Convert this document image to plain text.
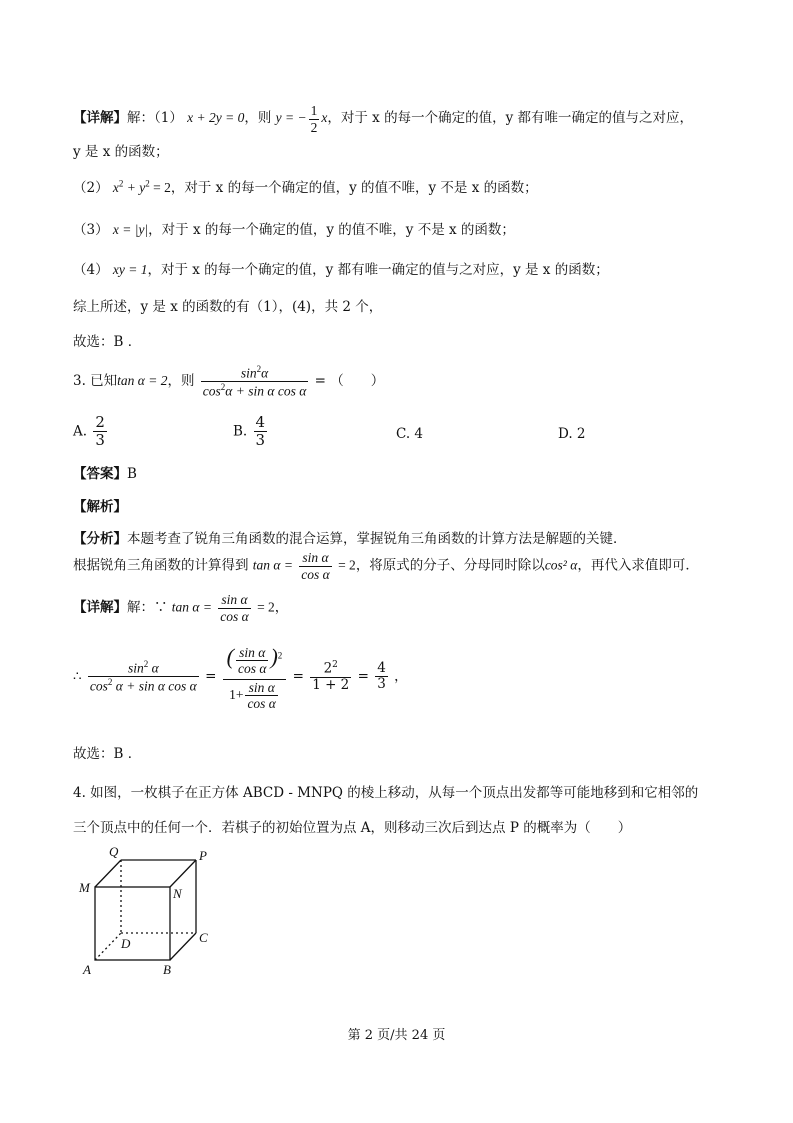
【详解】解：（1） x + 2y = 0，则 y = − $\frac{1}{2}$ x，对于 x 的每一个确定的值，y 都有唯一确定的值与之对应，
y 是 x 的函数；
（2） $x^2 + y^2 = 2$，对于 x 的每一个确定的值，y 的值不唯，y 不是 x 的函数；
（3） x = |y|，对于 x 的每一个确定的值，y 的值不唯，y 不是 x 的函数；
（4） xy = 1，对于 x 的每一个确定的值，y 都有唯一确定的值与之对应，y 是 x 的函数；
综上所述，y 是 x 的函数的有（1），(4)，共 2 个，
故选：B ．
3. 已知tan α = 2，则 $\frac{\sin^2\alpha}{\cos^2\alpha + \sin \alpha \cos \alpha}$ = （　　）
A. $\frac{2}{3}$	B. $\frac{4}{3}$	C. 4	D. 2
【答案】B
【解析】
【分析】本题考查了锐角三角函数的混合运算，掌握锐角三角函数的计算方法是解题的关键．
根据锐角三角函数的计算得到 $\tan \alpha = \frac{\text{sin α}}{\text{cos α}} = 2$，将原式的分子、分母同时除以cos² α，再代入求值即可．
【详解】解：∵ $\tan \alpha = \frac{\text{sin α}}{\text{cos α}} = 2$，
∴ $\frac{\sin^2 \alpha}{\cos^2 \alpha + \sin \alpha \cos \alpha} = \frac{( \frac{\text{sin α}}{\text{cos α}} )^2}{1+ \frac{\text{sin α}}{\text{cos α}}} = \frac{2^2}{1 + 2} = \frac{4}{3}$ ，
故选：B ．
4. 如图，一枚棋子在正方体 ABCD - MNPQ 的棱上移动，从每一个顶点出发都等可能地移到和它相邻的
三个顶点中的任何一个．若棋子的初始位置为点 A，则移动三次后到达点 P 的概率为（　　）
Q	P
M	N
D	C
A	B
第 2 页/共 24 页
